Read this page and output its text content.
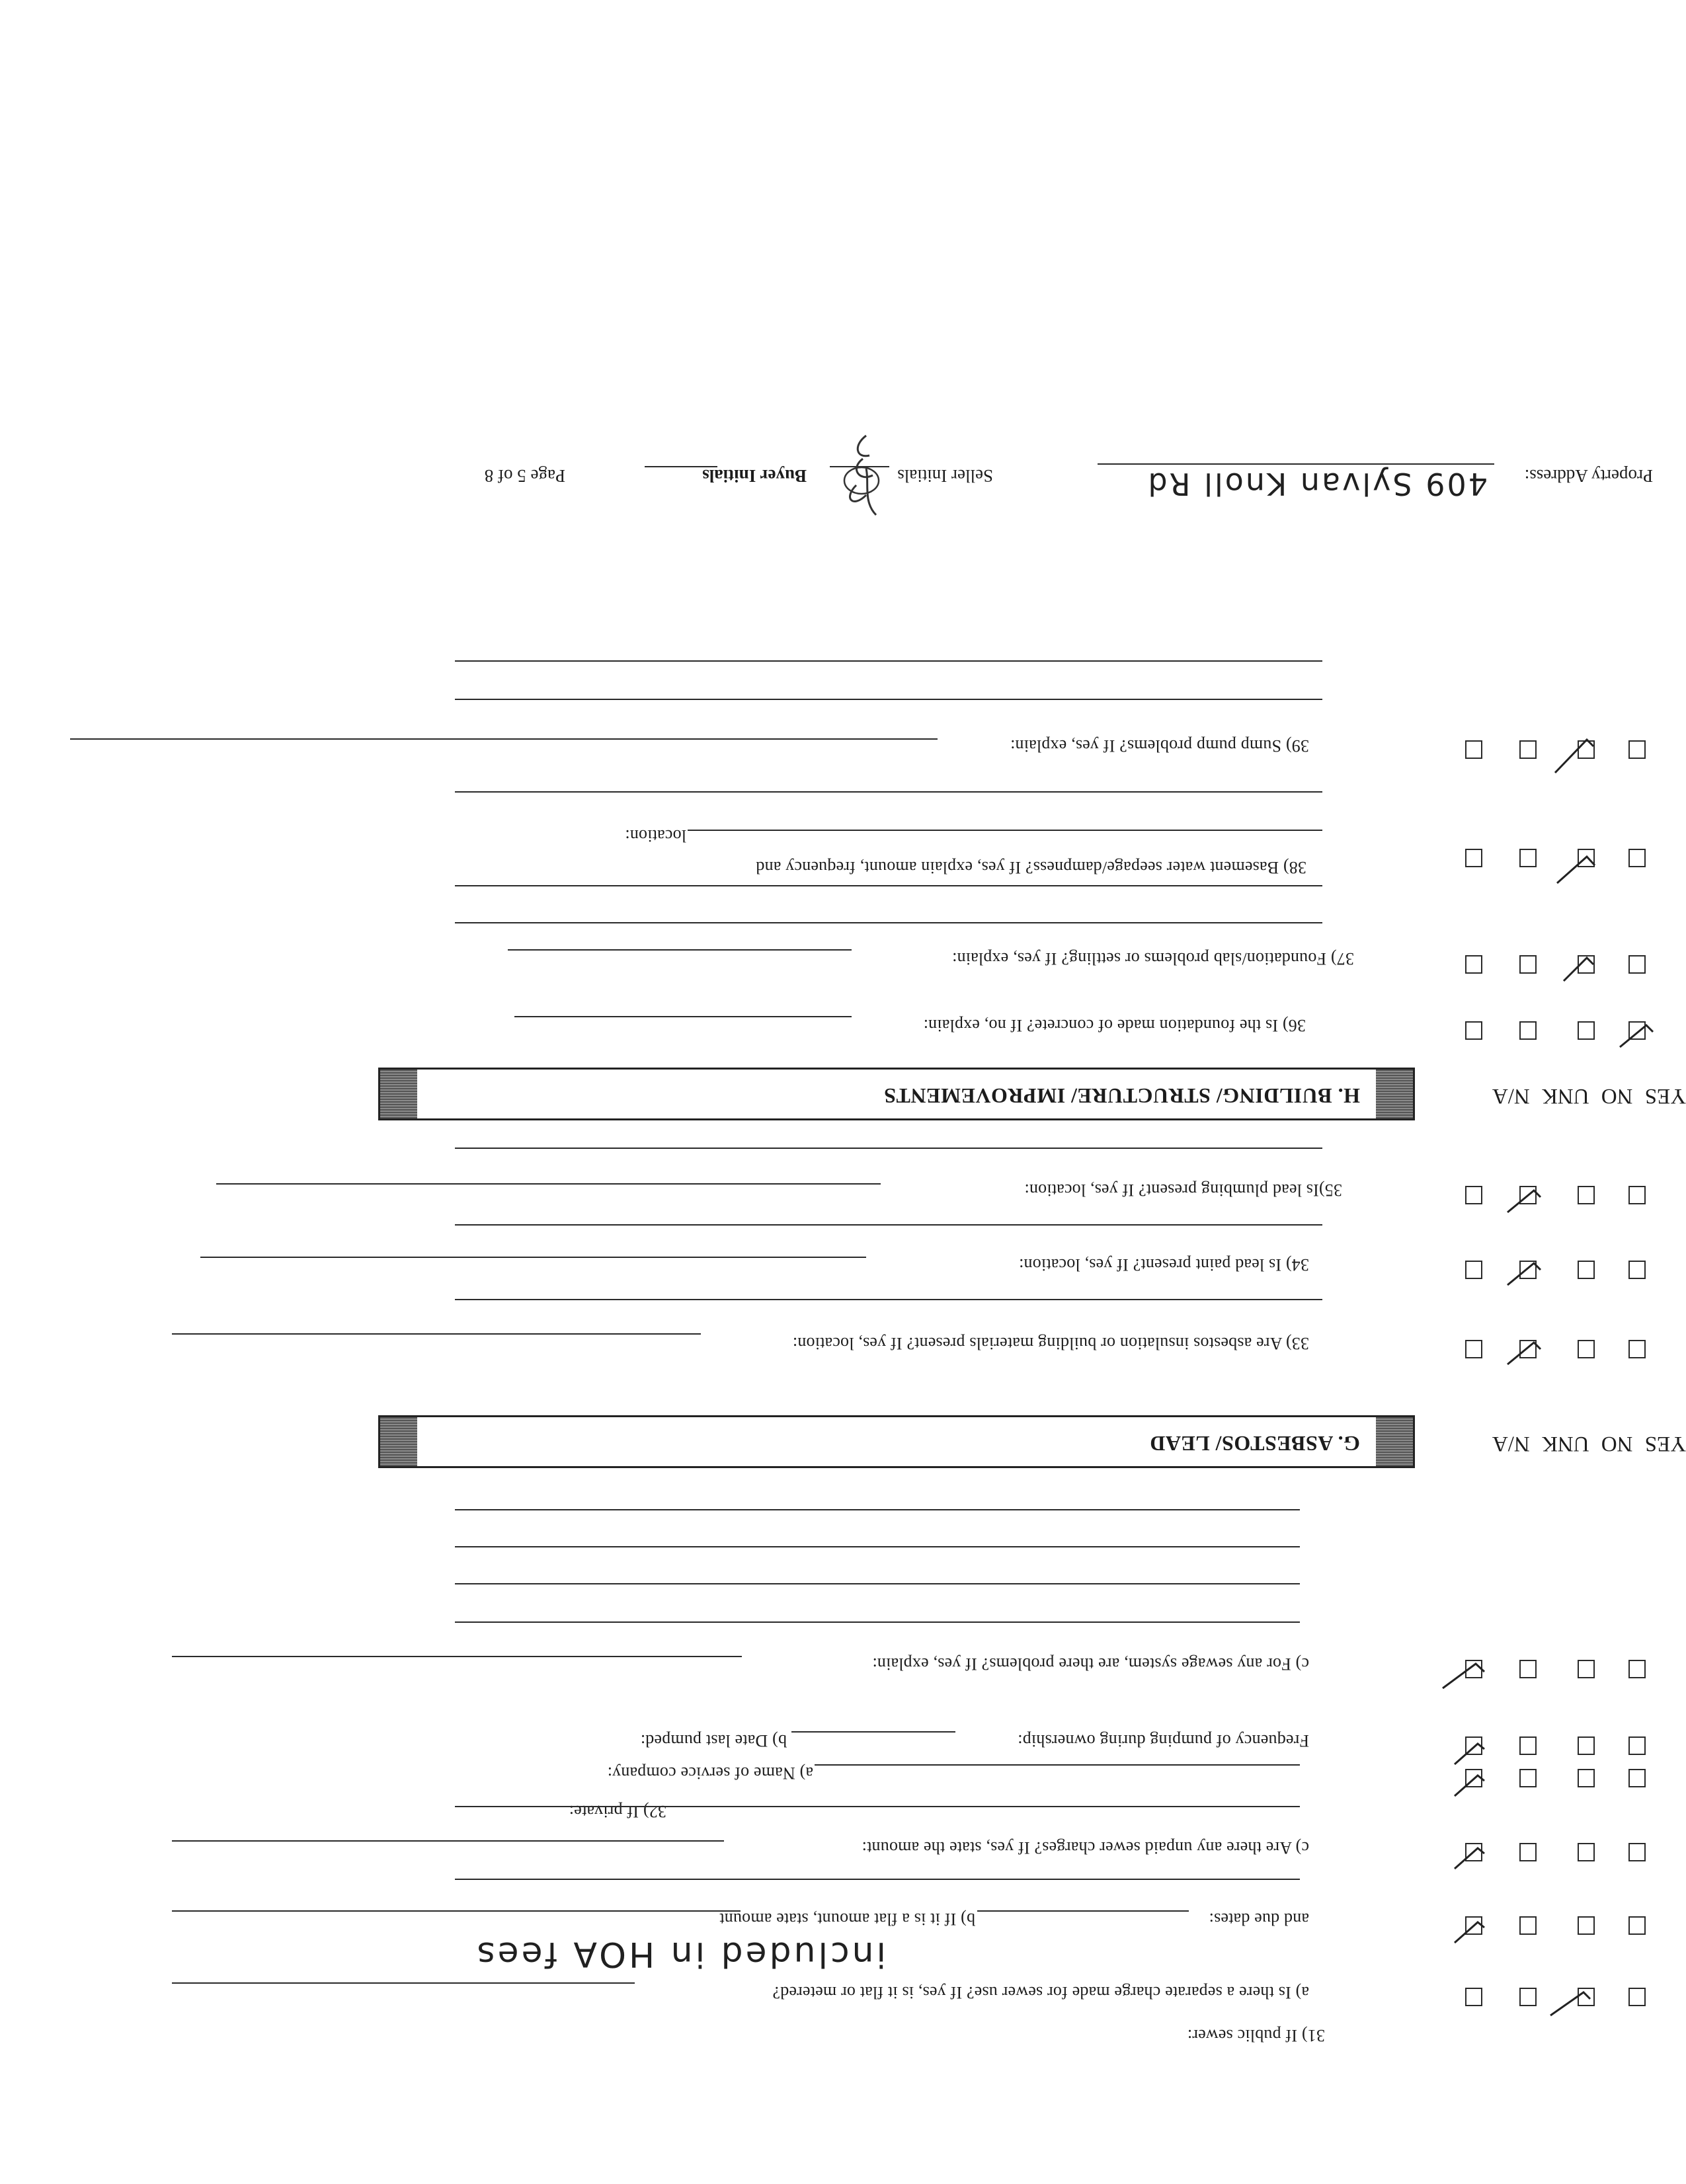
Property Address:
409 Sylvan Knoll Rd
Seller Initials
Buyer Initials
Page 5 of 8
39) Sump pump problems? If yes, explain:
38) Basement water seepage/dampness? If yes, explain amount, frequency and
location:
37) Foundation/slab problems or settling? If yes, explain:
36) Is the foundation made of concrete? If no, explain:
YES NO UNK N/A
H. BUILDING/ STRUCTURE/ IMPROVEMENTS
35)Is lead plumbing present? If yes, location:
34) Is lead paint present? If yes, location:
33) Are asbestos insulation or building materials present? If yes, location:
YES NO UNK N/A
G. ASBESTOS/ LEAD
c) For any sewage system, are there problems? If yes, explain:
Frequency of pumping during ownership:
b) Date last pumped:
a) Name of service company:
32) If private:
c) Are there any unpaid sewer charges? If yes, state the amount:
and due dates:
b) If it is a flat amount, state amount
included in HOA fees
a) Is there a separate charge made for sewer use? If yes, is it flat or metered?
31) If public sewer:
